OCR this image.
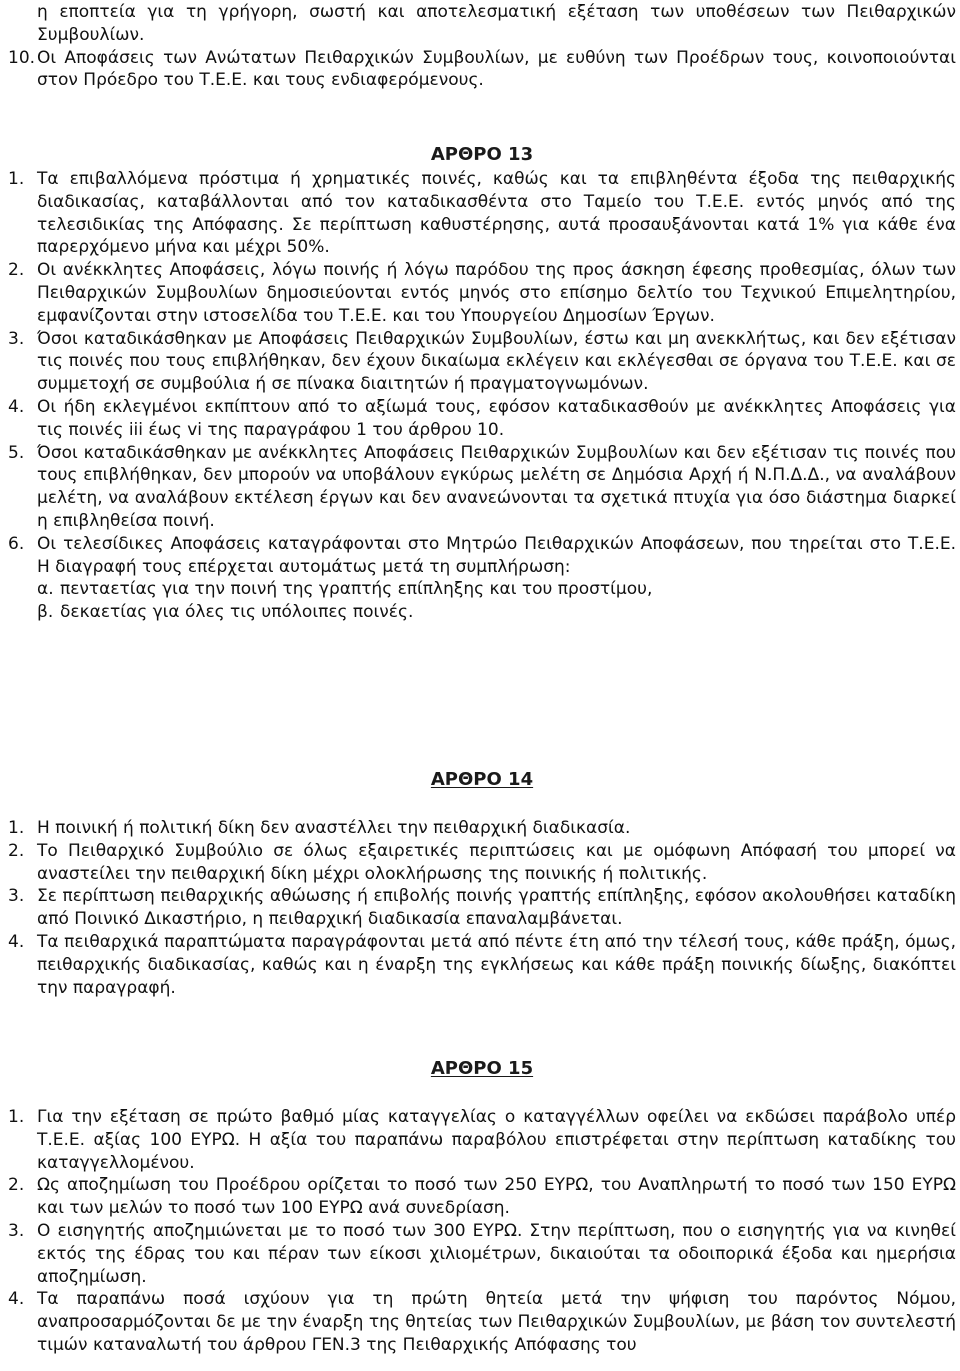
η εποπτεία για τη γρήγορη, σωστή και αποτελεσματική εξέταση των υποθέσεων των Πειθαρχικών Συμβουλίων.
10. Οι Αποφάσεις των Ανώτατων Πειθαρχικών Συμβουλίων, με ευθύνη των Προέδρων τους, κοινοποιούνται στον Πρόεδρο του Τ.Ε.Ε. και τους ενδιαφερόμενους.
ΑΡΘΡΟ 13
1. Τα επιβαλλόμενα πρόστιμα ή χρηματικές ποινές, καθώς και τα επιβληθέντα έξοδα της πειθαρχικής διαδικασίας, καταβάλλονται από τον καταδικασθέντα στο Ταμείο του Τ.Ε.Ε. εντός μηνός από της τελεσιδικίας της Απόφασης. Σε περίπτωση καθυστέρησης, αυτά προσαυξάνονται κατά 1% για κάθε ένα παρερχόμενο μήνα και μέχρι 50%.
2. Οι ανέκκλητες Αποφάσεις, λόγω ποινής ή λόγω παρόδου της προς άσκηση έφεσης προθεσμίας, όλων των Πειθαρχικών Συμβουλίων δημοσιεύονται εντός μηνός στο επίσημο δελτίο του Τεχνικού Επιμελητηρίου, εμφανίζονται στην ιστοσελίδα του Τ.Ε.Ε. και του Υπουργείου Δημοσίων Έργων.
3. Όσοι καταδικάσθηκαν με Αποφάσεις Πειθαρχικών Συμβουλίων, έστω και μη ανεκκλήτως, και δεν εξέτισαν τις ποινές που τους επιβλήθηκαν, δεν έχουν δικαίωμα εκλέγειν και εκλέγεσθαι σε όργανα του Τ.Ε.Ε. και σε συμμετοχή σε συμβούλια ή σε πίνακα διαιτητών ή πραγματογνωμόνων.
4. Οι ήδη εκλεγμένοι εκπίπτουν από το αξίωμά τους, εφόσον καταδικασθούν με ανέκκλητες Αποφάσεις για τις ποινές iii έως vi της παραγράφου 1 του άρθρου 10.
5. Όσοι καταδικάσθηκαν με ανέκκλητες Αποφάσεις Πειθαρχικών Συμβουλίων και δεν εξέτισαν τις ποινές που τους επιβλήθηκαν, δεν μπορούν να υποβάλουν εγκύρως μελέτη σε Δημόσια Αρχή ή Ν.Π.Δ.Δ., να αναλάβουν μελέτη, να αναλάβουν εκτέλεση έργων και δεν ανανεώνονται τα σχετικά πτυχία για όσο διάστημα διαρκεί η επιβληθείσα ποινή.
6. Οι τελεσίδικες Αποφάσεις καταγράφονται στο Μητρώο Πειθαρχικών Αποφάσεων, που τηρείται στο Τ.Ε.Ε. Η διαγραφή τους επέρχεται αυτομάτως μετά τη συμπλήρωση:
α. πενταετίας για την ποινή της γραπτής επίπληξης και του προστίμου,
β. δεκαετίας για όλες τις υπόλοιπες ποινές.
ΑΡΘΡΟ 14
1. Η ποινική ή πολιτική δίκη δεν αναστέλλει την πειθαρχική διαδικασία.
2. Το Πειθαρχικό Συμβούλιο σε όλως εξαιρετικές περιπτώσεις και με ομόφωνη Απόφασή του μπορεί να αναστείλει την πειθαρχική δίκη μέχρι ολοκλήρωσης της ποινικής ή πολιτικής.
3. Σε περίπτωση πειθαρχικής αθώωσης ή επιβολής ποινής γραπτής επίπληξης, εφόσον ακολουθήσει καταδίκη από Ποινικό Δικαστήριο, η πειθαρχική διαδικασία επαναλαμβάνεται.
4. Τα πειθαρχικά παραπτώματα παραγράφονται μετά από πέντε έτη από την τέλεσή τους, κάθε πράξη, όμως, πειθαρχικής διαδικασίας, καθώς και η έναρξη της εγκλήσεως και κάθε πράξη ποινικής δίωξης, διακόπτει την παραγραφή.
ΑΡΘΡΟ 15
1. Για την εξέταση σε πρώτο βαθμό μίας καταγγελίας ο καταγγέλλων οφείλει να εκδώσει παράβολο υπέρ Τ.Ε.Ε. αξίας 100 ΕΥΡΩ. Η αξία του παραπάνω παραβόλου επιστρέφεται στην περίπτωση καταδίκης του καταγγελλομένου.
2. Ως αποζημίωση του Προέδρου ορίζεται το ποσό των 250 ΕΥΡΩ, του Αναπληρωτή το ποσό των 150 ΕΥΡΩ και των μελών το ποσό των 100 ΕΥΡΩ ανά συνεδρίαση.
3. Ο εισηγητής αποζημιώνεται με το ποσό των 300 ΕΥΡΩ. Στην περίπτωση, που ο εισηγητής για να κινηθεί εκτός της έδρας του και πέραν των είκοσι χιλιομέτρων, δικαιούται τα οδοιπορικά έξοδα και ημερήσια αποζημίωση.
4. Τα παραπάνω ποσά ισχύουν για τη πρώτη θητεία μετά την ψήφιση του παρόντος Νόμου, αναπροσαρμόζονται δε με την έναρξη της θητείας των Πειθαρχικών Συμβουλίων, με βάση τον συντελεστή τιμών καταναλωτή του άρθρου ΓΕΝ.3 της Πειθαρχικής Απόφασης του
